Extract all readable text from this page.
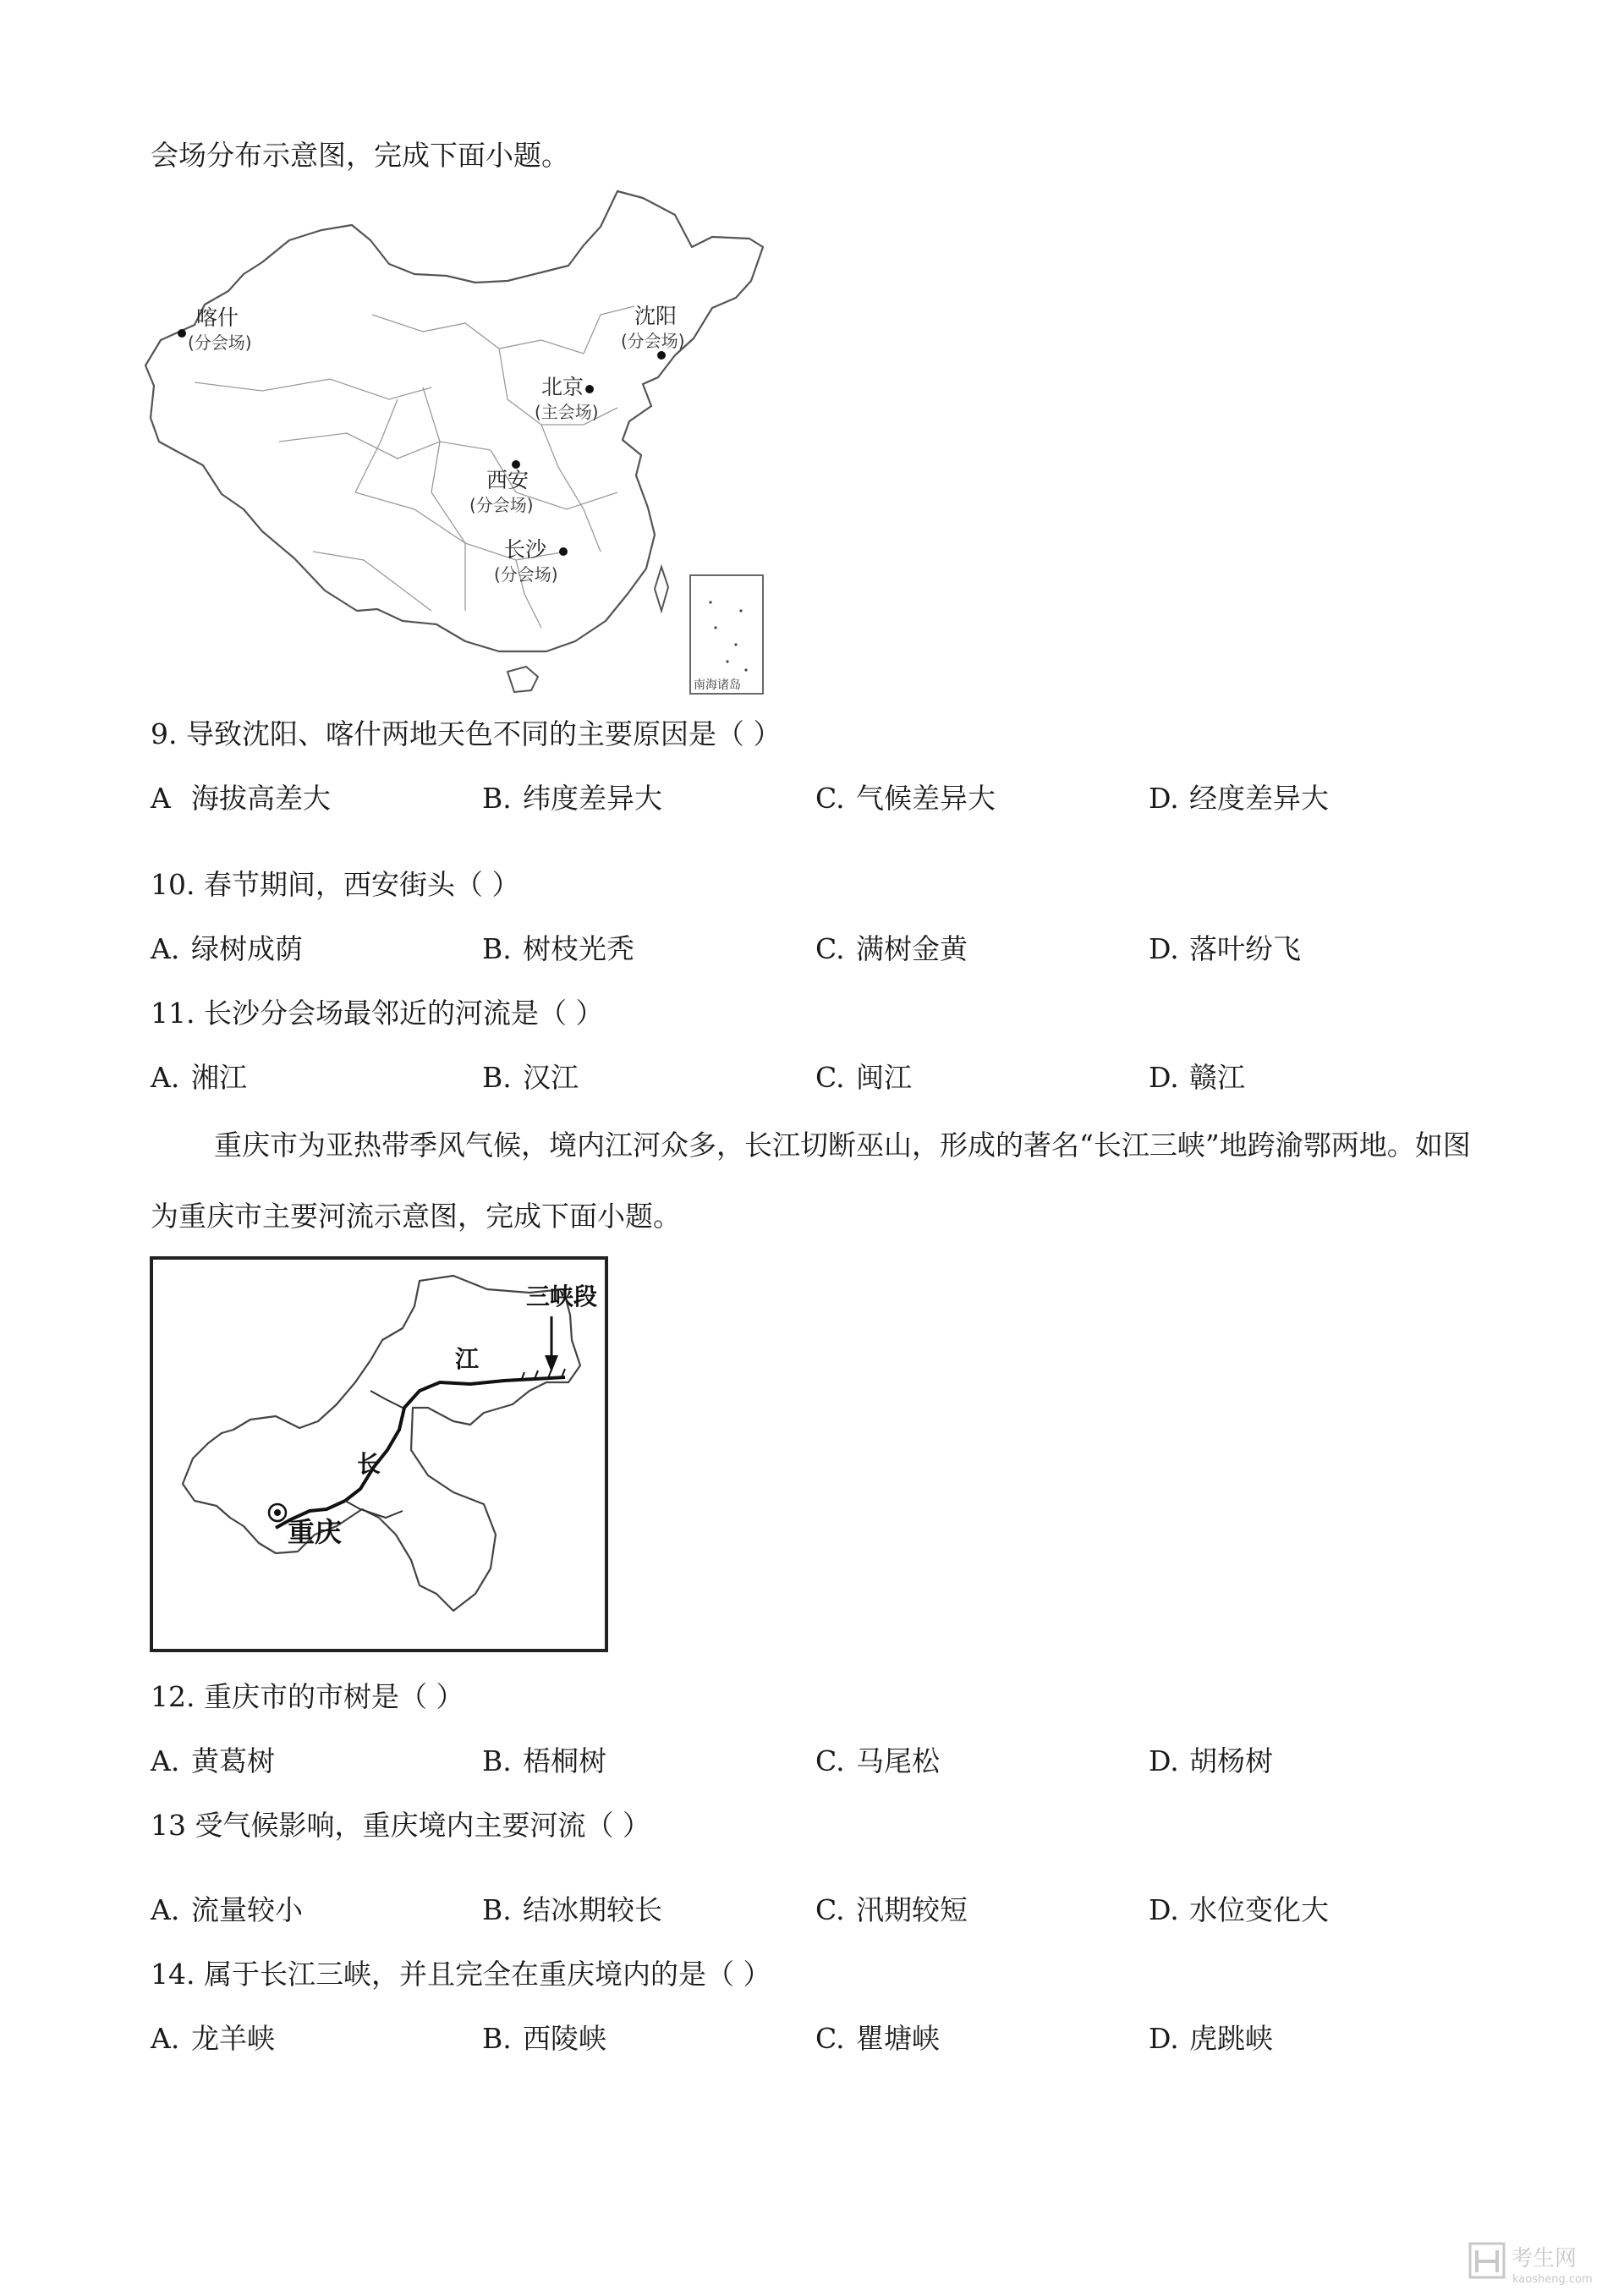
会场分布示意图，完成下面小题。
南海诸岛
喀什
(分会场)
沈阳
(分会场)
北京
(主会场)
西安
(分会场)
长沙
(分会场)
9. 导致沈阳、喀什两地天色不同的主要原因是（ ）
A 海拔高差大	B. 纬度差异大	C. 气候差异大	D. 经度差异大
10. 春节期间，西安街头（ ）
A. 绿树成荫	B. 树枝光秃	C. 满树金黄	D. 落叶纷飞
11. 长沙分会场最邻近的河流是（ ）
A. 湘江	B. 汉江	C. 闽江	D. 赣江
重庆市为亚热带季风气候，境内江河众多，长江切断巫山，形成的著名“长江三峡”地跨渝鄂两地。如图为重庆市主要河流示意图，完成下面小题。
三峡段
江
长
重庆
12. 重庆市的市树是（ ）
A. 黄葛树	B. 梧桐树	C. 马尾松	D. 胡杨树
13 受气候影响，重庆境内主要河流（ ）
A. 流量较小	B. 结冰期较长	C. 汛期较短	D. 水位变化大
14. 属于长江三峡，并且完全在重庆境内的是（ ）
A. 龙羊峡	B. 西陵峡	C. 瞿塘峡	D. 虎跳峡
考生网
kaosheng.com
